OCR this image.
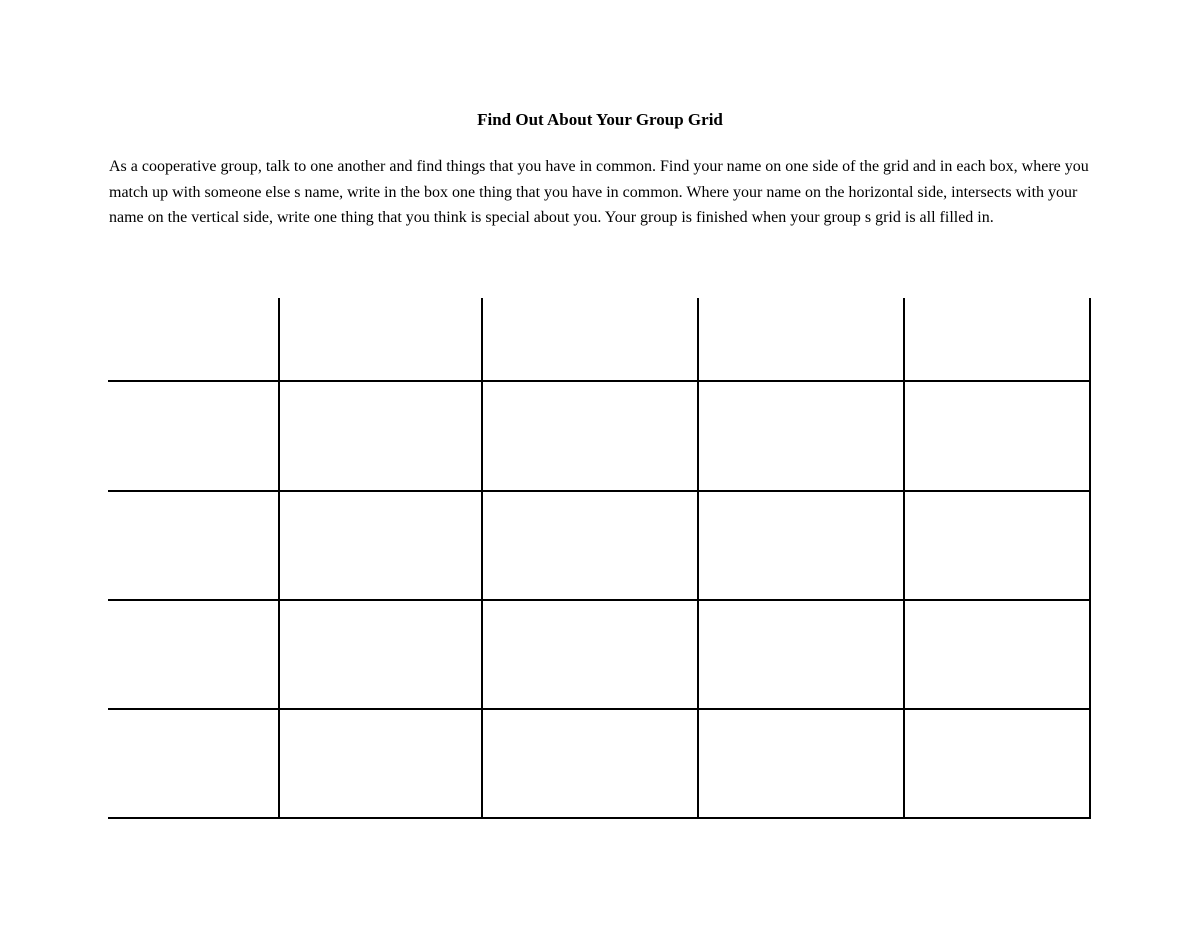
Find Out About Your Group Grid

As a cooperative group, talk to one another and find things that you have in common. Find your name on one side of the grid and in each box, where you match up with someone else s name, write in the box one thing that you have in common. Where your name on the horizontal side, intersects with your name on the vertical side, write one thing that you think is special about you. Your group is finished when your group s grid is all filled in.
